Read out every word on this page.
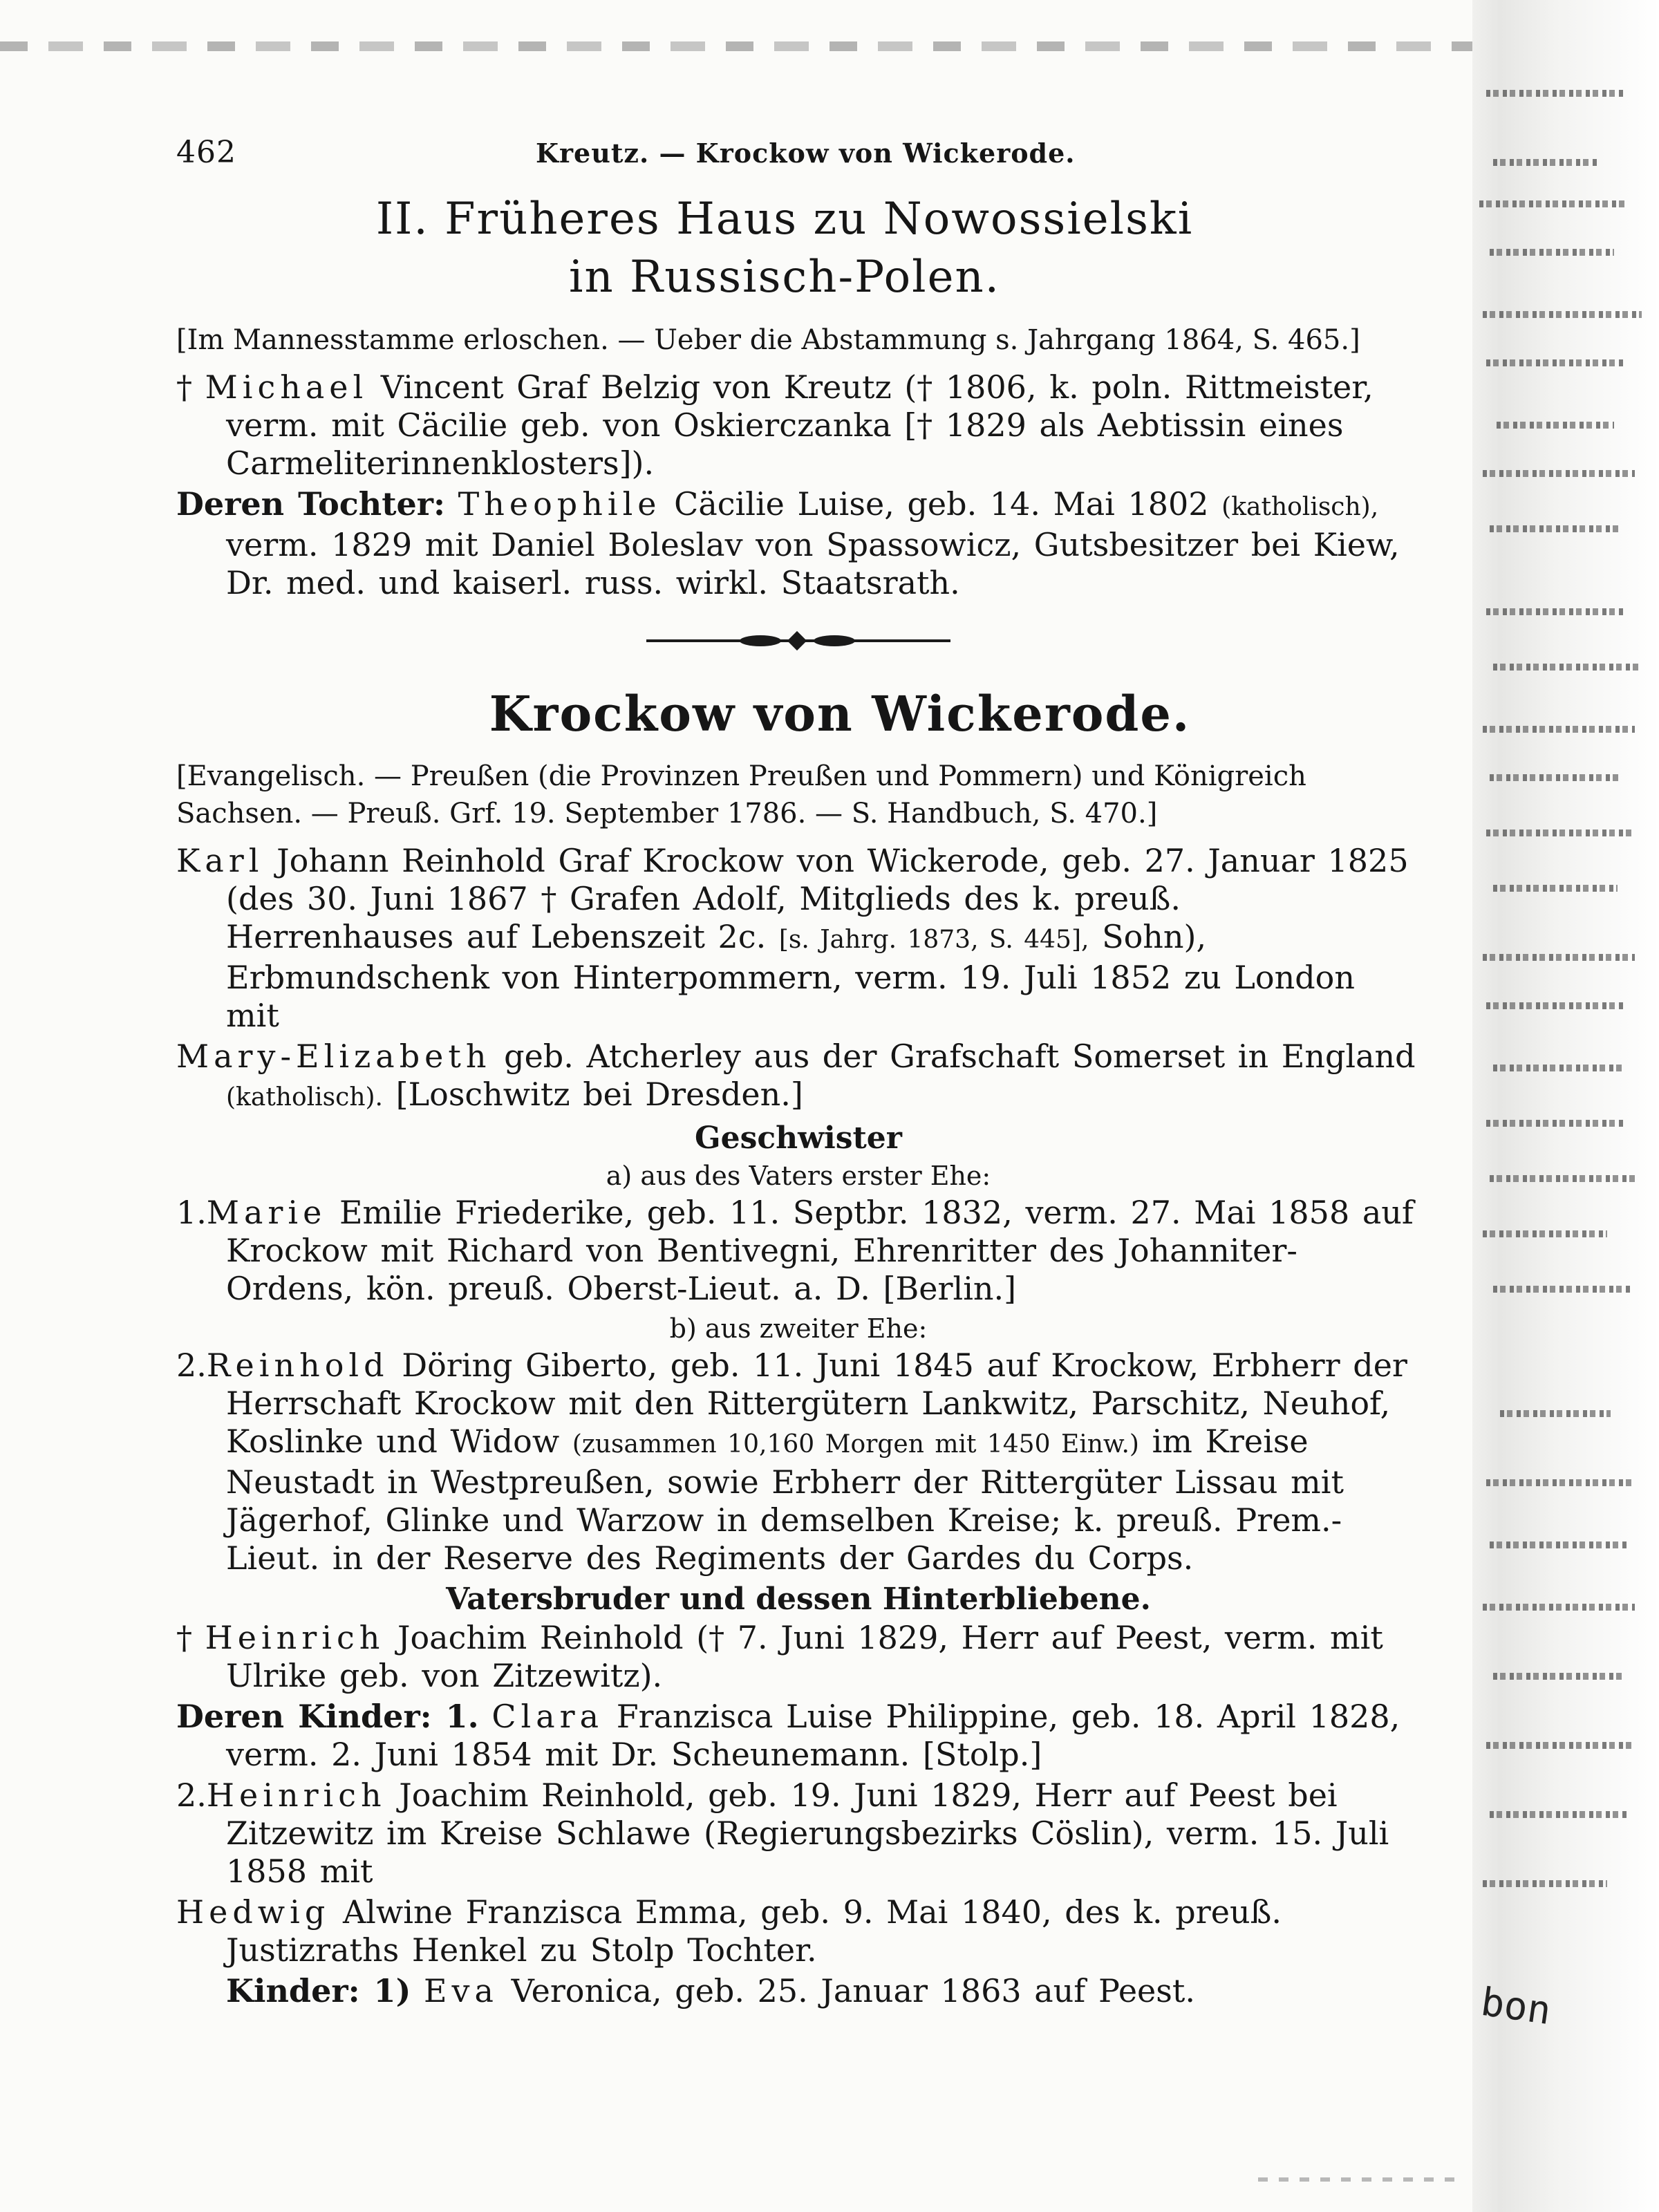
bon
462	Kreutz. — Krockow von Wickerode.
II. Früheres Haus zu Nowossielski
in Russisch-Polen.
[Im Mannesstamme erloschen. — Ueber die Abstammung s. Jahrgang 1864, S. 465.]

† Michael Vincent Graf Belzig von Kreutz († 1806, k. poln. Rittmeister, verm. mit Cäcilie geb. von Oskierczanka [† 1829 als Aebtissin eines Carmeliterinnenklosters]).

Deren Tochter: Theophile Cäcilie Luise, geb. 14. Mai 1802 (katholisch), verm. 1829 mit Daniel Boleslav von Spassowicz, Gutsbesitzer bei Kiew, Dr. med. und kaiserl. russ. wirkl. Staatsrath.

Krockow von Wickerode.
[Evangelisch. — Preußen (die Provinzen Preußen und Pommern) und Königreich Sachsen. — Preuß. Grf. 19. September 1786. — S. Handbuch, S. 470.]

Karl Johann Reinhold Graf Krockow von Wickerode, geb. 27. Januar 1825 (des 30. Juni 1867 † Grafen Adolf, Mitglieds des k. preuß. Herrenhauses auf Lebenszeit 2c. [s. Jahrg. 1873, S. 445], Sohn), Erbmundschenk von Hinterpommern, verm. 19. Juli 1852 zu London mit

Mary-Elizabeth geb. Atcherley aus der Grafschaft Somerset in England (katholisch). [Loschwitz bei Dresden.]

Geschwister
a) aus des Vaters erster Ehe:

1.Marie Emilie Friederike, geb. 11. Septbr. 1832, verm. 27. Mai 1858 auf Krockow mit Richard von Bentivegni, Ehrenritter des Johanniter-Ordens, kön. preuß. Oberst-Lieut. a. D. [Berlin.]

b) aus zweiter Ehe:

2.Reinhold Döring Giberto, geb. 11. Juni 1845 auf Krockow, Erbherr der Herrschaft Krockow mit den Rittergütern Lankwitz, Parschitz, Neuhof, Koslinke und Widow (zusammen 10,160 Morgen mit 1450 Einw.) im Kreise Neustadt in Westpreußen, sowie Erbherr der Rittergüter Lissau mit Jägerhof, Glinke und Warzow in demselben Kreise; k. preuß. Prem.-Lieut. in der Reserve des Regiments der Gardes du Corps.

Vatersbruder und dessen Hinterbliebene.

† Heinrich Joachim Reinhold († 7. Juni 1829, Herr auf Peest, verm. mit Ulrike geb. von Zitzewitz).

Deren Kinder: 1. Clara Franzisca Luise Philippine, geb. 18. April 1828, verm. 2. Juni 1854 mit Dr. Scheunemann. [Stolp.]

2.Heinrich Joachim Reinhold, geb. 19. Juni 1829, Herr auf Peest bei Zitzewitz im Kreise Schlawe (Regierungsbezirks Cöslin), verm. 15. Juli 1858 mit

Hedwig Alwine Franzisca Emma, geb. 9. Mai 1840, des k. preuß. Justizraths Henkel zu Stolp Tochter.

Kinder: 1) Eva Veronica, geb. 25. Januar 1863 auf Peest.
